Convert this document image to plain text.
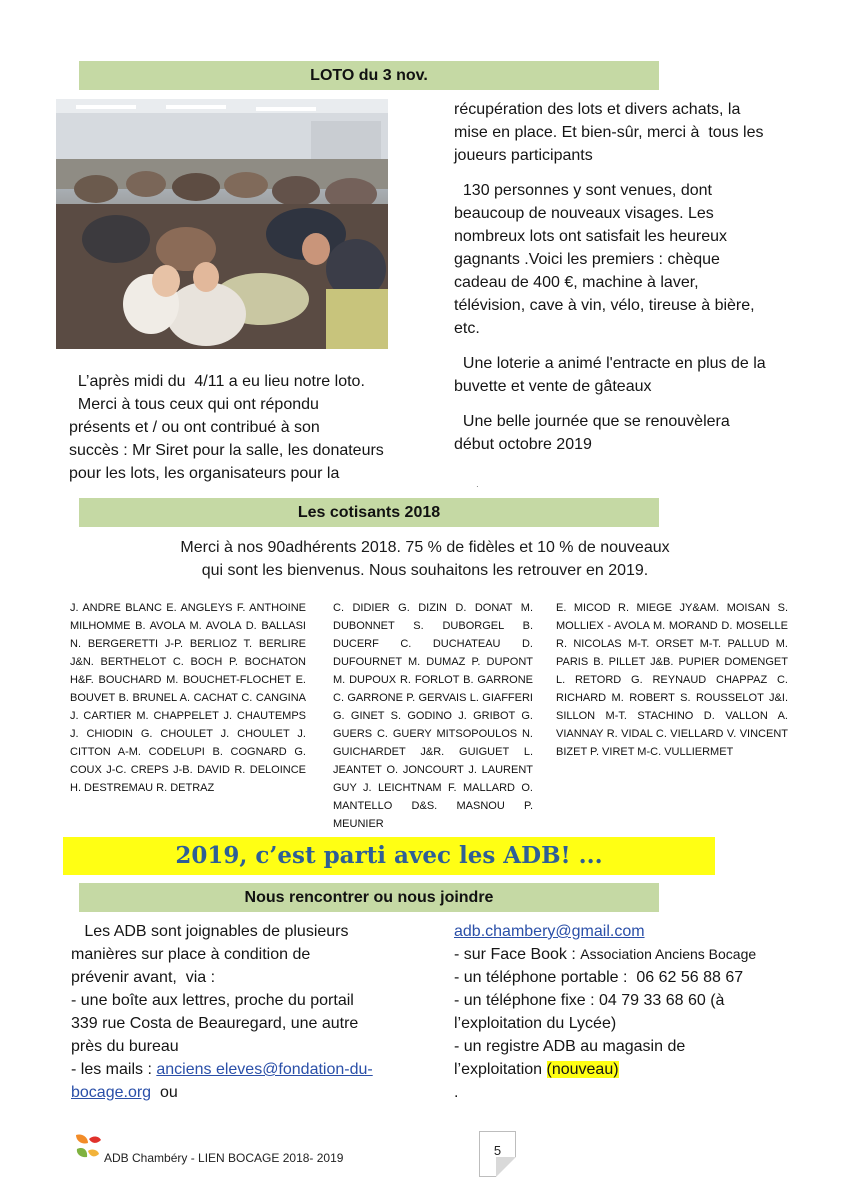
LOTO du 3 nov.

L’après midi du  4/11 a eu lieu notre loto.
Merci à tous ceux qui ont répondu
présents et / ou ont contribué à son
succès : Mr Siret pour la salle, les donateurs
pour les lots, les organisateurs pour la

récupération des lots et divers achats, la
mise en place. Et bien-sûr, merci à  tous les
joueurs participants

130 personnes y sont venues, dont
beaucoup de nouveaux visages. Les
nombreux lots ont satisfait les heureux
gagnants .Voici les premiers : chèque
cadeau de 400 €, machine à laver,
télévision, cave à vin, vélo, tireuse à bière,
etc.

Une loterie a animé l'entracte en plus de la
buvette et vente de gâteaux

Une belle journée que se renouvèlera
début octobre 2019

·
Les cotisants 2018

Merci à nos 90adhérents 2018. 75 % de fidèles et 10 % de nouveaux
qui sont les bienvenus. Nous souhaitons les retrouver en 2019.

J. ANDRE BLANC E. ANGLEYS F. ANTHOINE MILHOMME B. AVOLA M. AVOLA D. BALLASI N. BERGERETTI J-P. BERLIOZ T. BERLIRE J&N. BERTHELOT C. BOCH P. BOCHATON H&F. BOUCHARD M. BOUCHET-FLOCHET E. BOUVET B. BRUNEL A. CACHAT C. CANGINA J. CARTIER M. CHAPPELET J. CHAUTEMPS J. CHIODIN G. CHOULET J. CHOULET J. CITTON A-M. CODELUPI B. COGNARD G. COUX J-C. CREPS J-B. DAVID R. DELOINCE H. DESTREMAU R. DETRAZ
C. DIDIER G. DIZIN D. DONAT M. DUBONNET S. DUBORGEL B. DUCERF C. DUCHATEAU D. DUFOURNET M. DUMAZ P. DUPONT M. DUPOUX R. FORLOT B. GARRONE C. GARRONE P. GERVAIS L. GIAFFERI G. GINET S. GODINO J. GRIBOT G. GUERS C. GUERY MITSOPOULOS N. GUICHARDET J&R. GUIGUET L. JEANTET O. JONCOURT J. LAURENT GUY J. LEICHTNAM F. MALLARD O. MANTELLO D&S. MASNOU P. MEUNIER
E. MICOD R. MIEGE JY&AM. MOISAN S. MOLLIEX - AVOLA M. MORAND D. MOSELLE R. NICOLAS M-T. ORSET M-T. PALLUD M. PARIS B. PILLET J&B. PUPIER DOMENGET L. RETORD G. REYNAUD CHAPPAZ C. RICHARD M. ROBERT S. ROUSSELOT J&I. SILLON M-T. STACHINO D. VALLON A. VIANNAY R. VIDAL C. VIELLARD V. VINCENT BIZET P. VIRET M-C. VULLIERMET
2019, c’est parti avec les ADB! ...
Nous rencontrer ou nous joindre

Les ADB sont joignables de plusieurs
manières sur place à condition de
prévenir avant,  via :
- une boîte aux lettres, proche du portail
339 rue Costa de Beauregard, une autre
près du bureau
- les mails : anciens eleves@fondation-du-bocage.org  ou

adb.chambery@gmail.com

- sur Face Book : Association Anciens Bocage

- un téléphone portable :  06 62 56 88 67

- un téléphone fixe : 04 79 33 68 60 (à
l’exploitation du Lycée)

- un registre ADB au magasin de
l’exploitation (nouveau)

.

ADB Chambéry - LIEN BOCAGE 2018- 2019	5
